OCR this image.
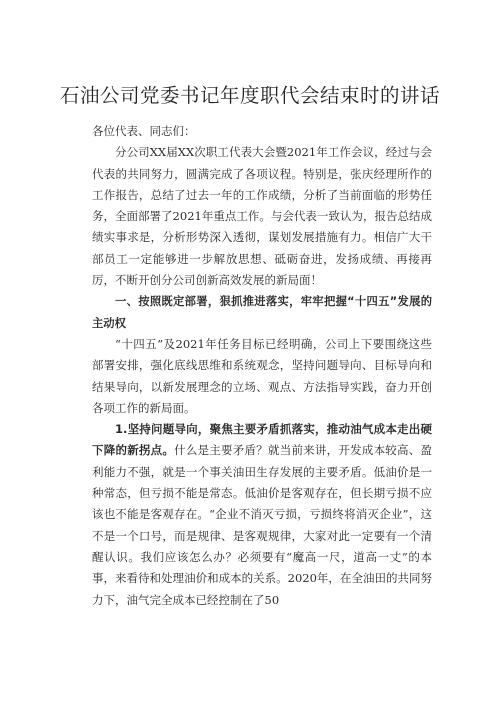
石油公司党委书记年度职代会结束时的讲话

各位代表、同志们：

分公司XX届XX次职工代表大会暨2021年工作会议，经过与会代表的共同努力，圆满完成了各项议程。特别是，张庆经理所作的工作报告，总结了过去一年的工作成绩，分析了当前面临的形势任务，全面部署了2021年重点工作。与会代表一致认为，报告总结成绩实事求是，分析形势深入透彻，谋划发展措施有力。相信广大干部员工一定能够进一步解放思想、砥砺奋进，发扬成绩、再接再厉，不断开创分公司创新高效发展的新局面！

一、按照既定部署，狠抓推进落实，牢牢把握“十四五”发展的主动权

“十四五”及2021年任务目标已经明确，公司上下要围绕这些部署安排，强化底线思维和系统观念，坚持问题导向、目标导向和结果导向，以新发展理念的立场、观点、方法指导实践，奋力开创各项工作的新局面。

1.坚持问题导向，聚焦主要矛盾抓落实，推动油气成本走出硬下降的新拐点。什么是主要矛盾？就当前来讲，开发成本较高、盈利能力不强，就是一个事关油田生存发展的主要矛盾。低油价是一种常态，但亏损不能是常态。低油价是客观存在，但长期亏损不应该也不能是客观存在。“企业不消灭亏损，亏损终将消灭企业”，这不是一个口号，而是规律、是客观规律，大家对此一定要有一个清醒认识。我们应该怎么办？必须要有“魔高一尺，道高一丈”的本事，来看待和处理油价和成本的关系。2020年，在全油田的共同努力下，油气完全成本已经控制在了50
